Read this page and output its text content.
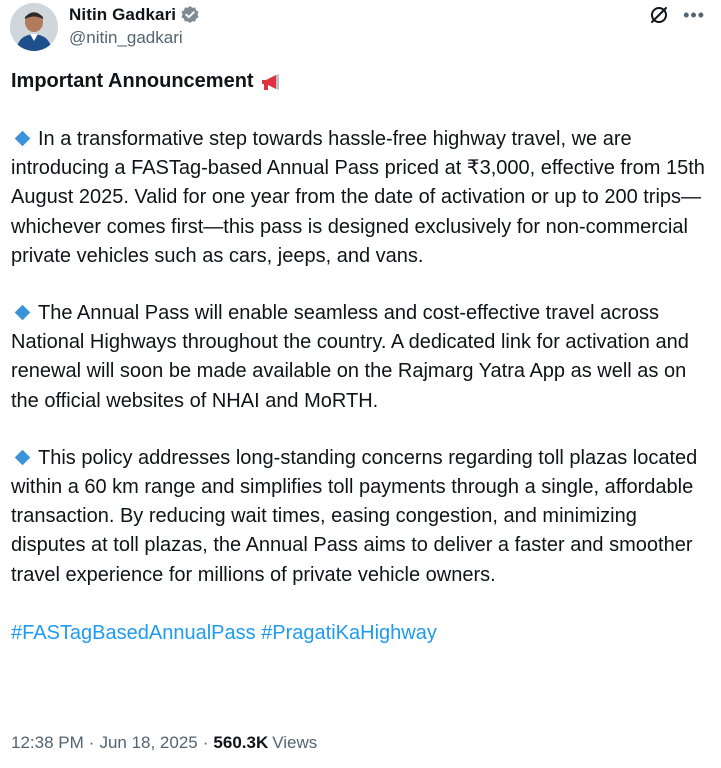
Nitin Gadkari
@nitin_gadkari
•••
Important Announcement
In a transformative step towards hassle-free highway travel, we are introducing a FASTag-based Annual Pass priced at ₹3,000, effective from 15th August 2025. Valid for one year from the date of activation or up to 200 trips—whichever comes first—this pass is designed exclusively for non-commercial private vehicles such as cars, jeeps, and vans.
The Annual Pass will enable seamless and cost-effective travel across National Highways throughout the country. A dedicated link for activation and renewal will soon be made available on the Rajmarg Yatra App as well as on the official websites of NHAI and MoRTH.
This policy addresses long-standing concerns regarding toll plazas located within a 60 km range and simplifies toll payments through a single, affordable transaction. By reducing wait times, easing congestion, and minimizing disputes at toll plazas, the Annual Pass aims to deliver a faster and smoother travel experience for millions of private vehicle owners.
#FASTagBasedAnnualPass #PragatiKaHighway
12:38 PM · Jun 18, 2025 · 560.3K Views
